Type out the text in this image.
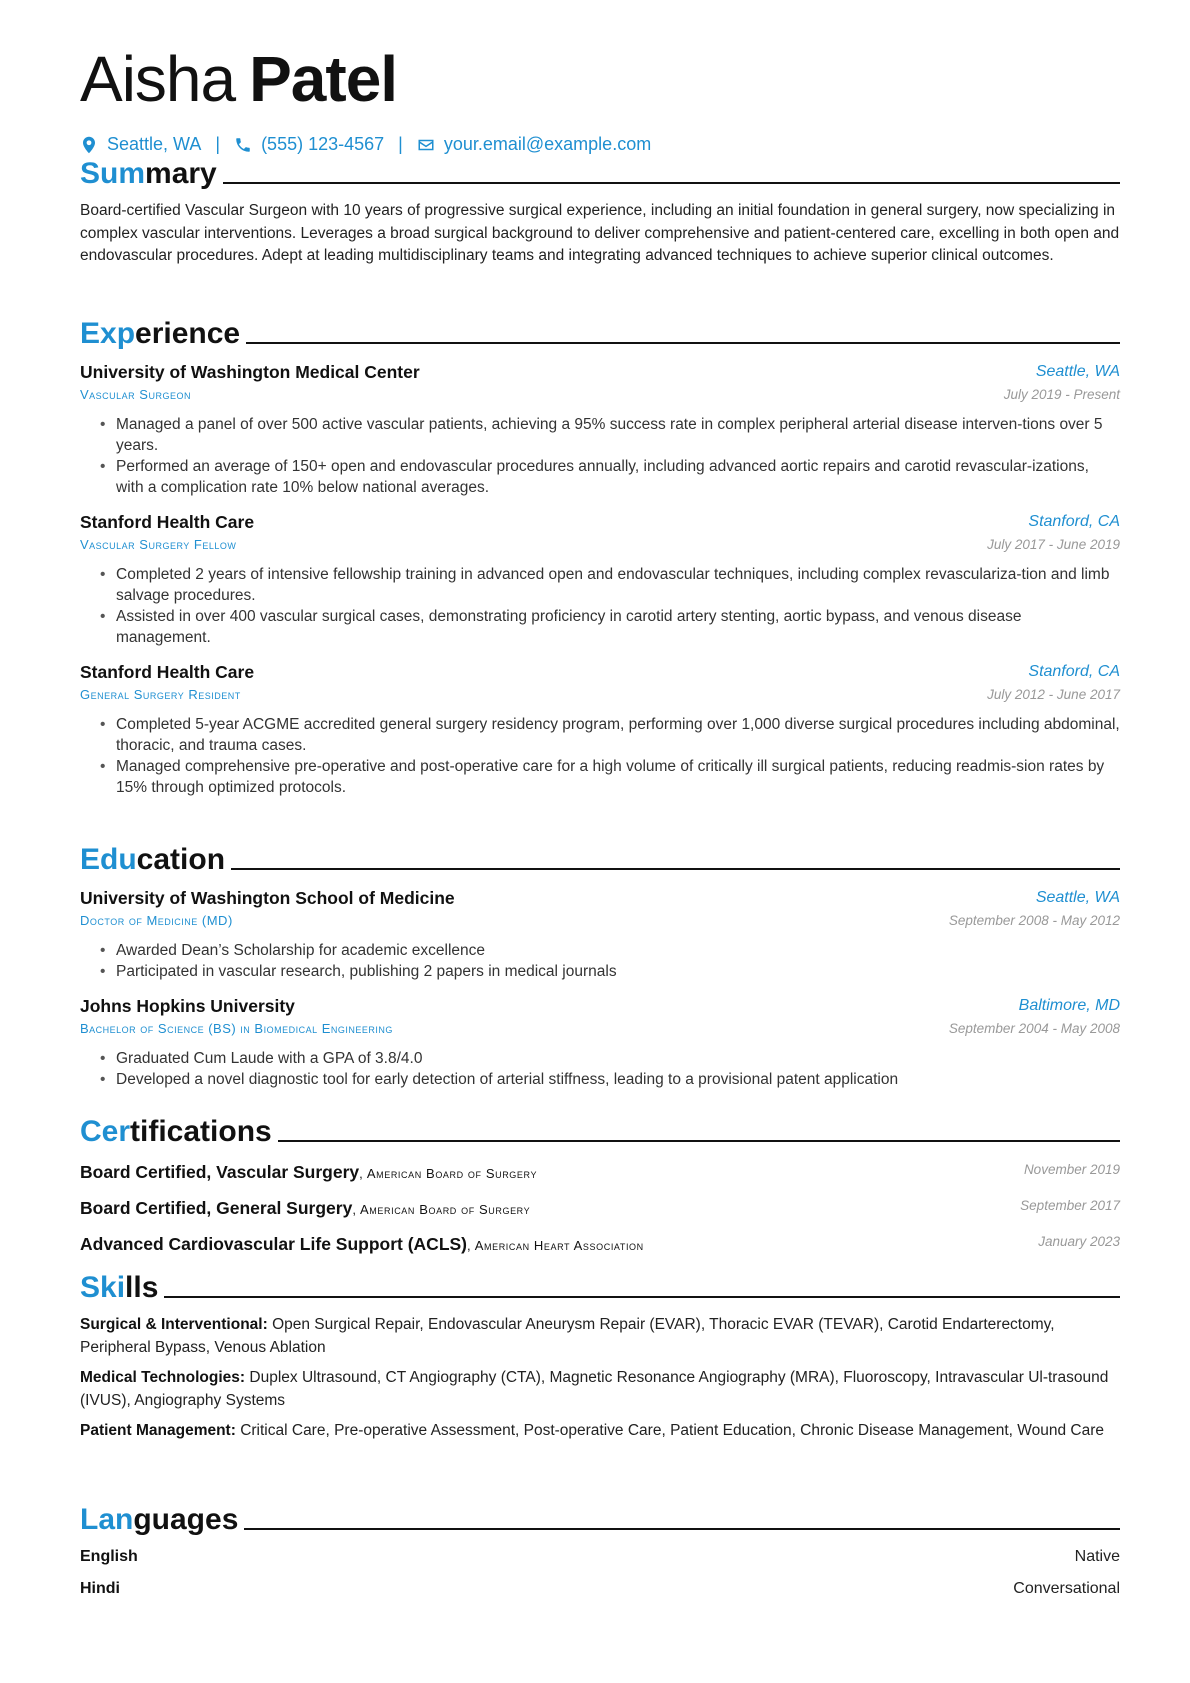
Aisha Patel
Seattle, WA | (555) 123-4567 | your.email@example.com
Summary
Board-certified Vascular Surgeon with 10 years of progressive surgical experience, including an initial foundation in general surgery, now specializing in complex vascular interventions. Leverages a broad surgical background to deliver comprehensive and patient-centered care, excelling in both open and endovascular procedures. Adept at leading multidisciplinary teams and integrating advanced techniques to achieve superior clinical outcomes.
Experience
University of Washington Medical Center
Vascular Surgeon
Seattle, WA
July 2019 - Present
• Managed a panel of over 500 active vascular patients, achieving a 95% success rate in complex peripheral arterial disease interven-tions over 5 years.
• Performed an average of 150+ open and endovascular procedures annually, including advanced aortic repairs and carotid revascular-izations, with a complication rate 10% below national averages.
Stanford Health Care
Vascular Surgery Fellow
Stanford, CA
July 2017 - June 2019
• Completed 2 years of intensive fellowship training in advanced open and endovascular techniques, including complex revasculariza-tion and limb salvage procedures.
• Assisted in over 400 vascular surgical cases, demonstrating proficiency in carotid artery stenting, aortic bypass, and venous disease management.
Stanford Health Care
General Surgery Resident
Stanford, CA
July 2012 - June 2017
• Completed 5-year ACGME accredited general surgery residency program, performing over 1,000 diverse surgical procedures including abdominal, thoracic, and trauma cases.
• Managed comprehensive pre-operative and post-operative care for a high volume of critically ill surgical patients, reducing readmis-sion rates by 15% through optimized protocols.
Education
University of Washington School of Medicine
Doctor of Medicine (MD)
Seattle, WA
September 2008 - May 2012
• Awarded Dean’s Scholarship for academic excellence
• Participated in vascular research, publishing 2 papers in medical journals
Johns Hopkins University
Bachelor of Science (BS) in Biomedical Engineering
Baltimore, MD
September 2004 - May 2008
• Graduated Cum Laude with a GPA of 3.8/4.0
• Developed a novel diagnostic tool for early detection of arterial stiffness, leading to a provisional patent application
Certifications
Board Certified, Vascular Surgery, American Board of Surgery	November 2019
Board Certified, General Surgery, American Board of Surgery	September 2017
Advanced Cardiovascular Life Support (ACLS), American Heart Association	January 2023
Skills
Surgical & Interventional: Open Surgical Repair, Endovascular Aneurysm Repair (EVAR), Thoracic EVAR (TEVAR), Carotid Endarterectomy, Peripheral Bypass, Venous Ablation
Medical Technologies: Duplex Ultrasound, CT Angiography (CTA), Magnetic Resonance Angiography (MRA), Fluoroscopy, Intravascular Ul-trasound (IVUS), Angiography Systems
Patient Management: Critical Care, Pre-operative Assessment, Post-operative Care, Patient Education, Chronic Disease Management, Wound Care
Languages
English	Native
Hindi	Conversational
